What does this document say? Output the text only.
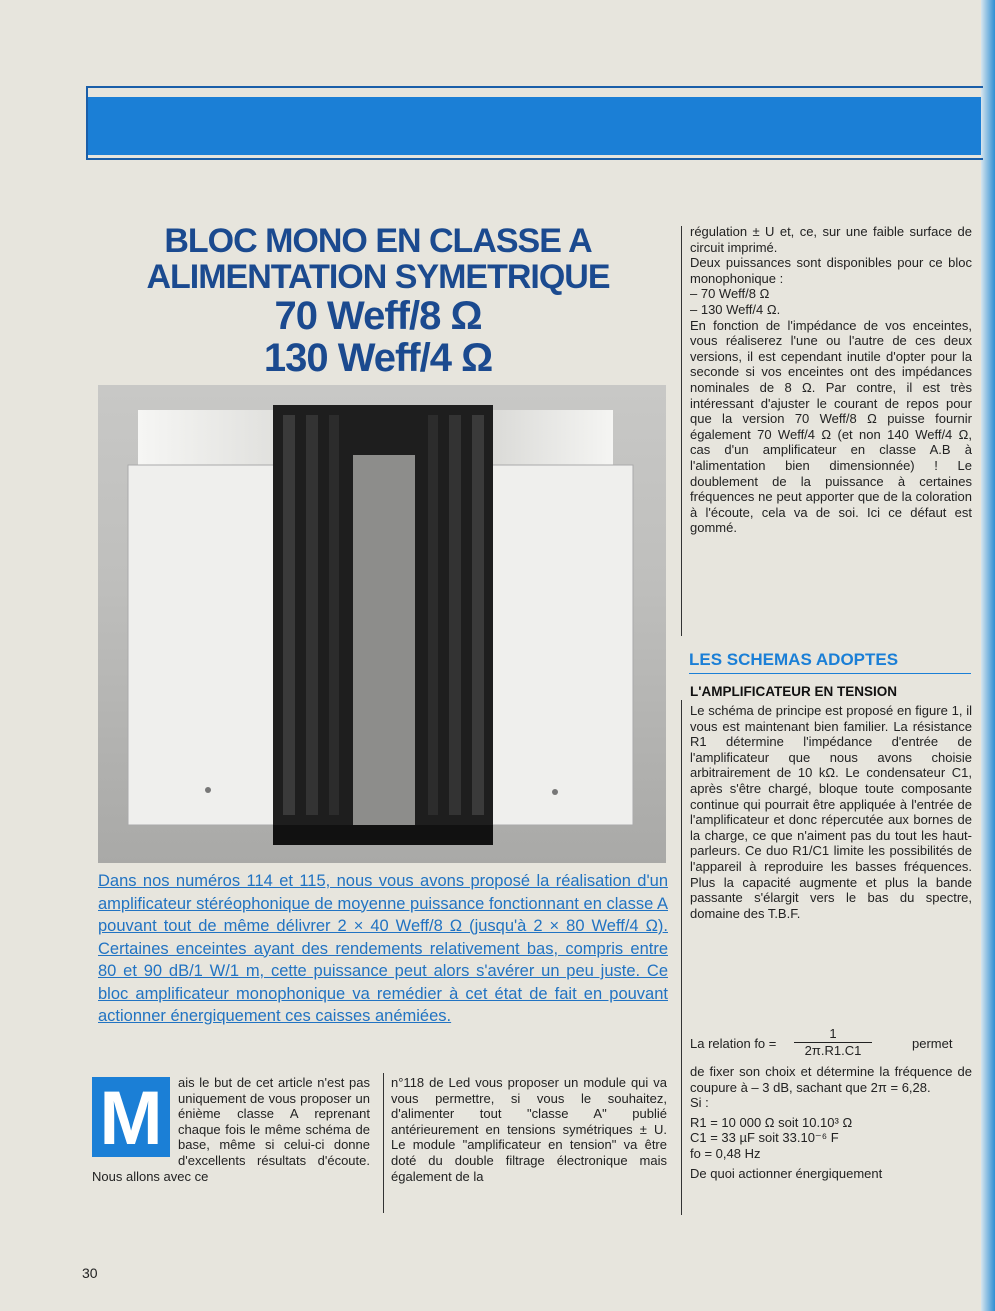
BLOC MONO EN CLASSE A
ALIMENTATION SYMETRIQUE
70 Weff/8 Ω
130 Weff/4 Ω
Dans nos numéros 114 et 115, nous vous avons proposé la réalisation d'un amplificateur stéréophonique de moyenne puissance fonctionnant en classe A pouvant tout de même délivrer 2 × 40 Weff/8 Ω (jusqu'à 2 × 80 Weff/4 Ω). Certaines enceintes ayant des rendements relativement bas, compris entre 80 et 90 dB/1 W/1 m, cette puissance peut alors s'avérer un peu juste. Ce bloc amplificateur monophonique va remédier à cet état de fait en pouvant actionner énergiquement ces caisses anémiées.
M	ais le but de cet article n'est pas uniquement de vous proposer un énième classe A reprenant chaque fois le même schéma de base, même si celui-ci donne d'excellents résultats d'écoute. Nous allons avec ce

n°118 de Led vous proposer un module qui va vous permettre, si vous le souhaitez, d'alimenter tout "classe A" publié antérieurement en tensions symétriques ± U. Le module "amplificateur en tension" va être doté du double filtrage électronique mais également de la

régulation ± U et, ce, sur une faible surface de circuit imprimé.

Deux puissances sont disponibles pour ce bloc monophonique :

– 70 Weff/8 Ω

– 130 Weff/4 Ω.

En fonction de l'impédance de vos enceintes, vous réaliserez l'une ou l'autre de ces deux versions, il est cependant inutile d'opter pour la seconde si vos enceintes ont des impédances nominales de 8 Ω. Par contre, il est très intéressant d'ajuster le courant de repos pour que la version 70 Weff/8 Ω puisse fournir également 70 Weff/4 Ω (et non 140 Weff/4 Ω, cas d'un amplificateur en classe A.B à l'alimentation bien dimensionnée) ! Le doublement de la puissance à certaines fréquences ne peut apporter que de la coloration à l'écoute, cela va de soi. Ici ce défaut est gommé.

LES SCHEMAS ADOPTES
L'AMPLIFICATEUR EN TENSION

Le schéma de principe est proposé en figure 1, il vous est maintenant bien familier. La résistance R1 détermine l'impédance d'entrée de l'amplificateur que nous avons choisie arbitrairement de 10 kΩ. Le condensateur C1, après s'être chargé, bloque toute composante continue qui pourrait être appliquée à l'entrée de l'amplificateur et donc répercutée aux bornes de la charge, ce que n'aiment pas du tout les haut-parleurs. Ce duo R1/C1 limite les possibilités de l'appareil à reproduire les basses fréquences. Plus la capacité augmente et plus la bande passante s'élargit vers le bas du spectre, domaine des T.B.F.

La relation fo = $\frac{1}{2\pi.R1.C1}$	permet

de fixer son choix et détermine la fréquence de coupure à – 3 dB, sachant que 2π = 6,28.

Si :

R1 = 10 000 Ω soit 10.10³ Ω

C1 = 33 µF soit 33.10⁻⁶ F

fo = 0,48 Hz

De quoi actionner énergiquement

30
